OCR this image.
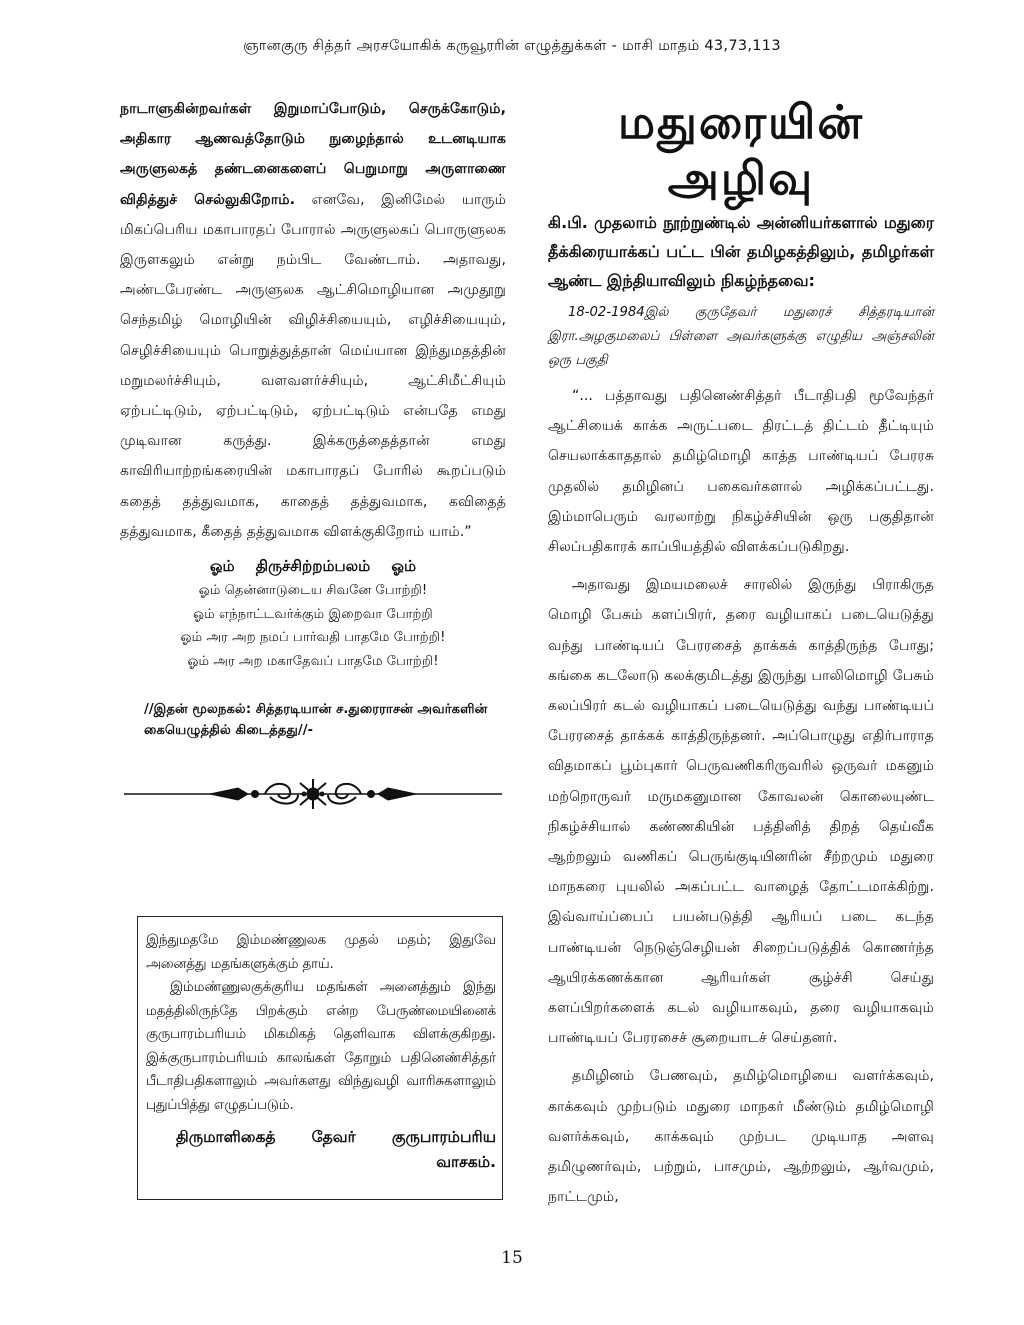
ஞானகுரு சித்தர் அரசயோகிக் கருவூரரின் எழுத்துக்கள் - மாசி மாதம் 43,73,113

நாடாளுகின்றவர்கள் இறுமாப்போடும், செருக்கோடும், அதிகார ஆணவத்தோடும் நுழைந்தால் உடனடியாக அருளுலகத் தண்டனைகளைப் பெறுமாறு அருளாணை விதித்துச் செல்லுகிறோம். எனவே, இனிமேல் யாரும் மிகப்பெரிய மகாபாரதப் போரால் அருளுலகப் பொருளுலக இருளகலும் என்று நம்பிட வேண்டாம். அதாவது, அண்டபேரண்ட அருளுலக ஆட்சிமொழியான அமுதூறு செந்தமிழ் மொழியின் விழிச்சியையும், எழிச்சியையும், செழிச்சியையும் பொறுத்துத்தான் மெய்யான இந்துமதத்தின் மறுமலர்ச்சியும், வளவளர்ச்சியும், ஆட்சிமீட்சியும் ஏற்பட்டிடும், ஏற்பட்டிடும், ஏற்பட்டிடும் என்பதே எமது முடிவான கருத்து. இக்கருத்தைத்தான் எமது காவிரியாற்றங்கரையின் மகாபாரதப் போரில் கூறப்படும் கதைத் தத்துவமாக, காதைத் தத்துவமாக, கவிதைத் தத்துவமாக, கீதைத் தத்துவமாக விளக்குகிறோம் யாம்.”

ஓம் திருச்சிற்றம்பலம் ஓம்
ஓம் தென்னாடுடைய சிவனே போற்றி!
ஓம் எந்நாட்டவர்க்கும் இறைவா போற்றி
ஓம் அர அற நமப் பார்வதி பாதமே போற்றி!
ஓம் அர அற மகாதேவப் பாதமே போற்றி!
//இதன் மூலநகல்: சித்தரடியான் ச.துரைராசன் அவர்களின் கையெழுத்தில் கிடைத்தது//-

இந்துமதமே இம்மண்ணுலக முதல் மதம்; இதுவே அனைத்து மதங்களுக்கும் தாய்.

இம்மண்ணுலகுக்குரிய மதங்கள் அனைத்தும் இந்து மதத்திலிருந்தே பிறக்கும் என்ற பேருண்மையினைக் குருபாரம்பரியம் மிகமிகத் தெளிவாக விளக்குகிறது. இக்குருபாரம்பரியம் காலங்கள் தோறும் பதினெண்சித்தர் பீடாதிபதிகளாலும் அவர்களது விந்துவழி வாரிசுகளாலும் புதுப்பித்து எழுதப்படும்.

திருமாளிகைத் தேவர் குருபாரம்பரிய வாசகம்.
மதுரையின் அழிவு

கி.பி. முதலாம் நூற்றுண்டில் அன்னியர்களால் மதுரை தீக்கிரையாக்கப் பட்ட பின் தமிழகத்திலும், தமிழர்கள் ஆண்ட இந்தியாவிலும் நிகழ்ந்தவை:

18-02-1984இல் குருதேவர் மதுரைச் சித்தரடியான் இரா.அழகுமலைப் பிள்ளை அவர்களுக்கு எழுதிய அஞ்சலின் ஒரு பகுதி

“... பத்தாவது பதினெண்சித்தர் பீடாதிபதி மூவேந்தர் ஆட்சியைக் காக்க அருட்படை திரட்டத் திட்டம் தீட்டியும் செயலாக்காததால் தமிழ்மொழி காத்த பாண்டியப் பேரரசு முதலில் தமிழினப் பகைவர்களால் அழிக்கப்பட்டது. இம்மாபெரும் வரலாற்று நிகழ்ச்சியின் ஒரு பகுதிதான் சிலப்பதிகாரக் காப்பியத்தில் விளக்கப்படுகிறது.

அதாவது இமயமலைச் சாரலில் இருந்து பிராகிருத மொழி பேசும் களப்பிரர், தரை வழியாகப் படையெடுத்து வந்து பாண்டியப் பேரரசைத் தாக்கக் காத்திருந்த போது; கங்கை கடலோடு கலக்குமிடத்து இருந்து பாலிமொழி பேசும் கலப்பிரர் கடல் வழியாகப் படையெடுத்து வந்து பாண்டியப் பேரரசைத் தாக்கக் காத்திருந்தனர். அப்பொழுது எதிர்பாராத விதமாகப் பூம்புகார் பெருவணிகரிருவரில் ஒருவர் மகனும் மற்றொருவர் மருமகனுமான கோவலன் கொலையுண்ட நிகழ்ச்சியால் கண்ணகியின் பத்தினித் திறத் தெய்வீக ஆற்றலும் வணிகப் பெருங்குடியினரின் சீற்றமும் மதுரை மாநகரை புயலில் அகப்பட்ட வாழைத் தோட்டமாக்கிற்று. இவ்வாய்ப்பைப் பயன்படுத்தி ஆரியப் படை கடந்த பாண்டியன் நெடுஞ்செழியன் சிறைப்படுத்திக் கொணர்ந்த ஆயிரக்கணக்கான ஆரியர்கள் சூழ்ச்சி செய்து களப்பிறர்களைக் கடல் வழியாகவும், தரை வழியாகவும் பாண்டியப் பேரரசைச் சூறையாடச் செய்தனர்.

தமிழினம் பேணவும், தமிழ்மொழியை வளர்க்கவும், காக்கவும் முற்படும் மதுரை மாநகர் மீண்டும் தமிழ்மொழி வளர்க்கவும், காக்கவும் முற்பட முடியாத அளவு தமிழுணர்வும், பற்றும், பாசமும், ஆற்றலும், ஆர்வமும், நாட்டமும்,

15
